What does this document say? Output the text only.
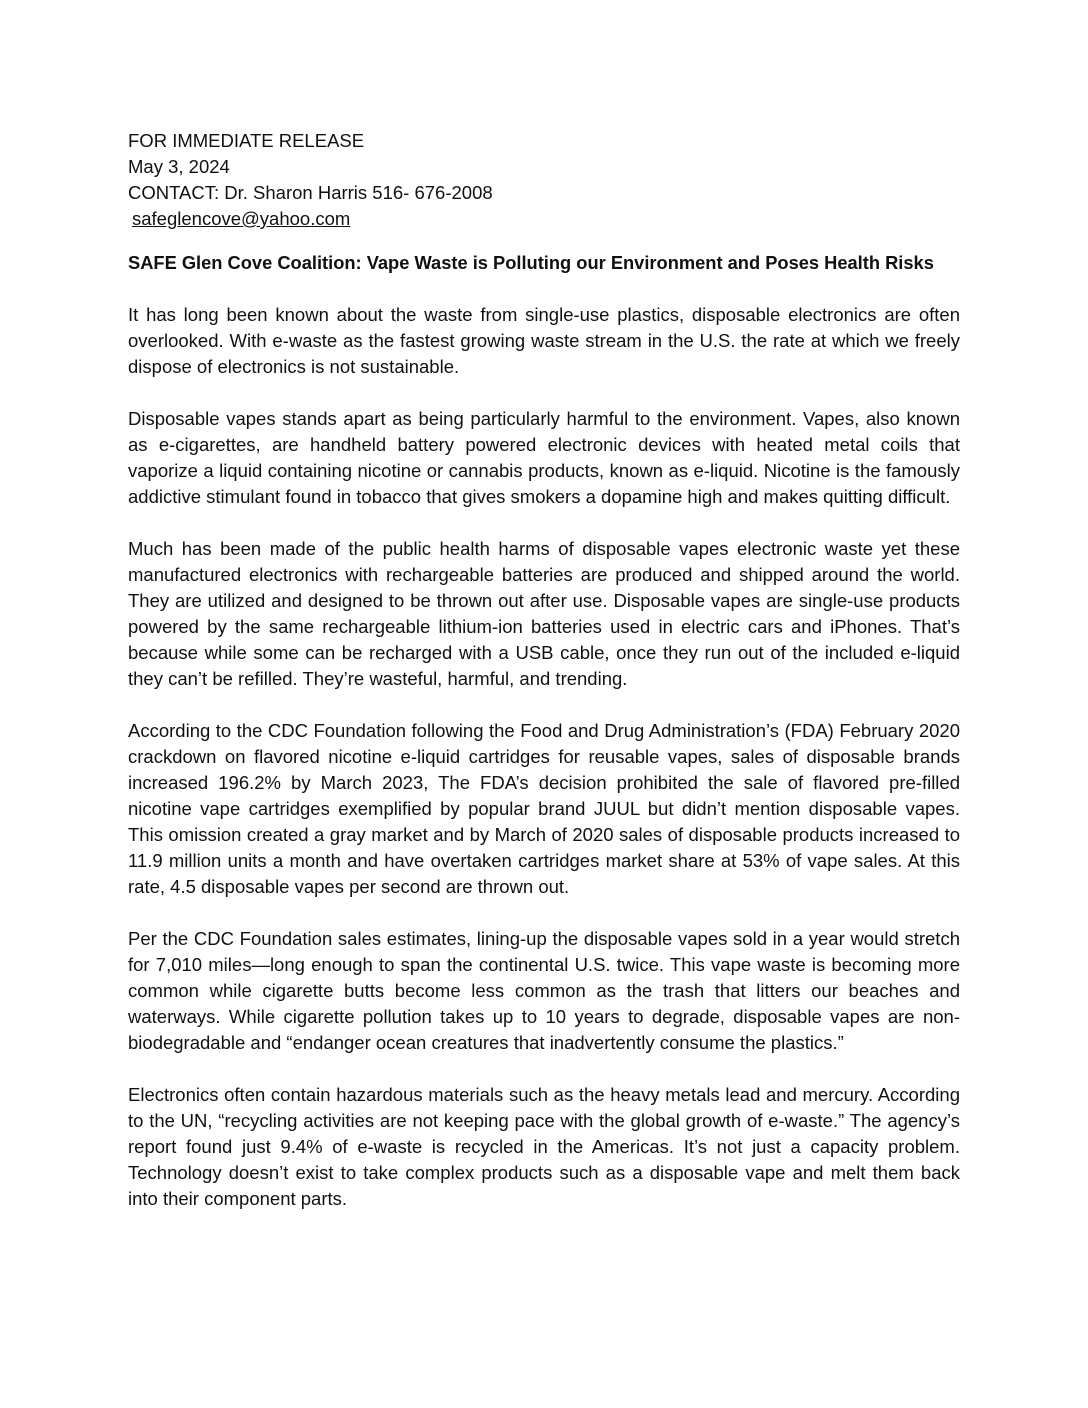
FOR IMMEDIATE RELEASE
May 3, 2024
CONTACT: Dr. Sharon Harris 516- 676-2008
safeglencove@yahoo.com
SAFE Glen Cove Coalition: Vape Waste is Polluting our Environment and Poses Health Risks

It has long been known about the waste from single-use plastics, disposable electronics are often overlooked. With e-waste as the fastest growing waste stream in the U.S. the rate at which we freely dispose of electronics is not sustainable.

Disposable vapes stands apart as being particularly harmful to the environment. Vapes, also known as e-cigarettes, are handheld battery powered electronic devices with heated metal coils that vaporize a liquid containing nicotine or cannabis products, known as e-liquid. Nicotine is the famously addictive stimulant found in tobacco that gives smokers a dopamine high and makes quitting difficult.

Much has been made of the public health harms of disposable vapes electronic waste yet these manufactured electronics with rechargeable batteries are produced and shipped around the world. They are utilized and designed to be thrown out after use. Disposable vapes are single-use products powered by the same rechargeable lithium-ion batteries used in electric cars and iPhones. That’s because while some can be recharged with a USB cable, once they run out of the included e-liquid they can’t be refilled. They’re wasteful, harmful, and trending.

According to the CDC Foundation following the Food and Drug Administration’s (FDA) February 2020 crackdown on flavored nicotine e-liquid cartridges for reusable vapes, sales of disposable brands increased 196.2% by March 2023, The FDA’s decision prohibited the sale of flavored pre-filled nicotine vape cartridges exemplified by popular brand JUUL but didn’t mention disposable vapes. This omission created a gray market and by March of 2020 sales of disposable products increased to 11.9 million units a month and have overtaken cartridges market share at 53% of vape sales. At this rate, 4.5 disposable vapes per second are thrown out.

Per the CDC Foundation sales estimates, lining-up the disposable vapes sold in a year would stretch for 7,010 miles—long enough to span the continental U.S. twice. This vape waste is becoming more common while cigarette butts become less common as the trash that litters our beaches and waterways. While cigarette pollution takes up to 10 years to degrade, disposable vapes are non-biodegradable and “endanger ocean creatures that inadvertently consume the plastics.”

Electronics often contain hazardous materials such as the heavy metals lead and mercury. According to the UN, “recycling activities are not keeping pace with the global growth of e-waste.” The agency’s report found just 9.4% of e-waste is recycled in the Americas. It’s not just a capacity problem. Technology doesn’t exist to take complex products such as a disposable vape and melt them back into their component parts.
